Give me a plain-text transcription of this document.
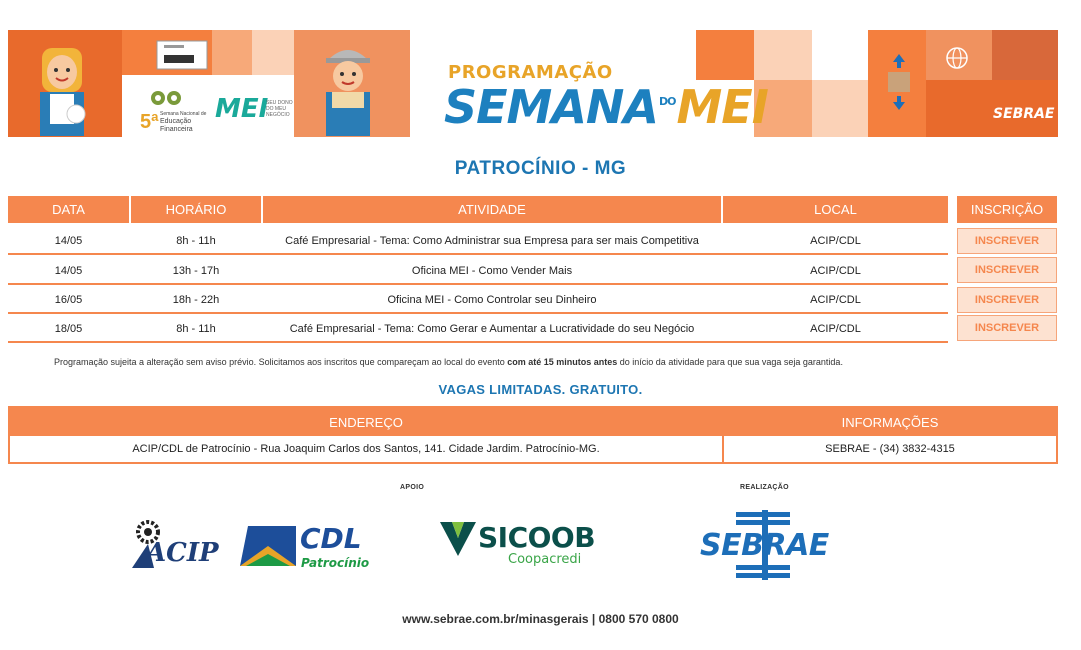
5ª Semana Nacional de
Educação
Financeira
MEI
SEU DONO DO MEU NEGÓCIO
PROGRAMAÇÃO
$SEMANA^{DO}MEI$	SEBRAE
PATROCÍNIO - MG
DATA	HORÁRIO	ATIVIDADE	LOCAL	INSCRIÇÃO
14/05	8h - 11h	Café Empresarial - Tema: Como Administrar sua Empresa para ser mais Competitiva	ACIP/CDL	INSCREVER
14/05	13h - 17h	Oficina MEI - Como Vender Mais	ACIP/CDL	INSCREVER
16/05	18h - 22h	Oficina MEI - Como Controlar seu Dinheiro	ACIP/CDL	INSCREVER
18/05	8h - 11h	Café Empresarial - Tema: Como Gerar e Aumentar a Lucratividade do seu Negócio	ACIP/CDL	INSCREVER
Programação sujeita a alteração sem aviso prévio. Solicitamos aos inscritos que compareçam ao local do evento com até 15 minutos antes do início da atividade para que sua vaga seja garantida.
VAGAS LIMITADAS. GRATUITO.
ENDEREÇO	INFORMAÇÕES
ACIP/CDL de Patrocínio - Rua Joaquim Carlos dos Santos, 141. Cidade Jardim. Patrocínio-MG.	SEBRAE - (34) 3832-4315
APOIO	REALIZAÇÃO
ACIP	CDL
Patrocínio
SICOOB
Coopacredi	SEBRAE
www.sebrae.com.br/minasgerais | 0800 570 0800
